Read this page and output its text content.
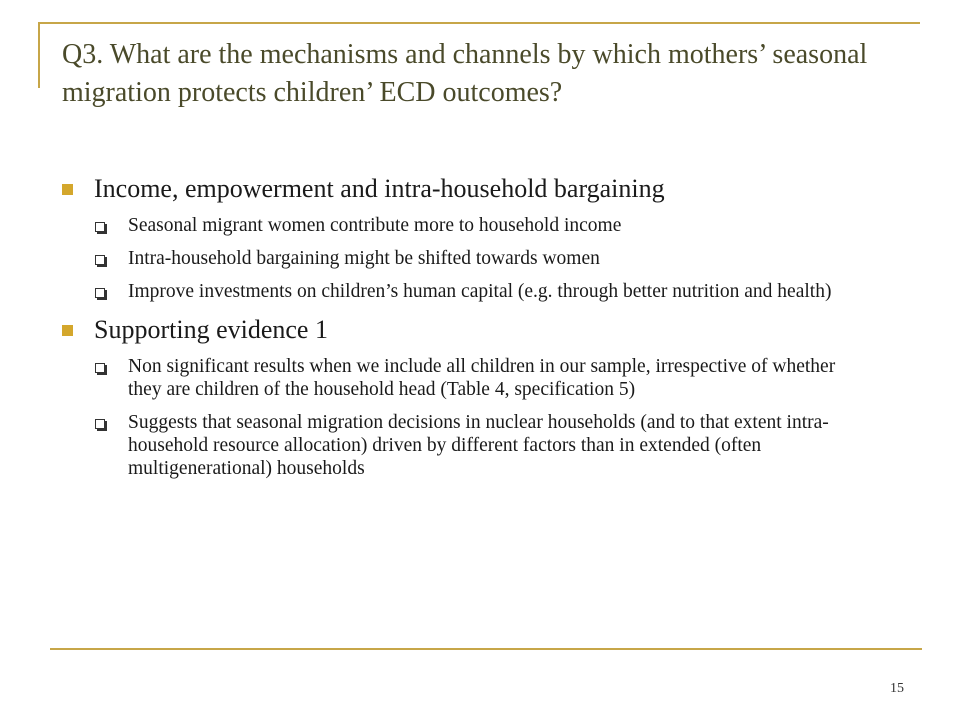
Q3. What are the mechanisms and channels by which mothers’ seasonal migration protects children’ ECD outcomes?
Income, empowerment and intra-household bargaining
Seasonal migrant women contribute more to household income
Intra-household bargaining might be shifted towards women
Improve investments on children’s human capital (e.g. through better nutrition and health)
Supporting evidence 1
Non significant results when we include all children in our sample, irrespective of whether they are children of the household head (Table 4, specification 5)
Suggests that seasonal migration decisions in nuclear households (and to that extent intra-household resource allocation) driven by different factors than in extended (often multigenerational) households
15
